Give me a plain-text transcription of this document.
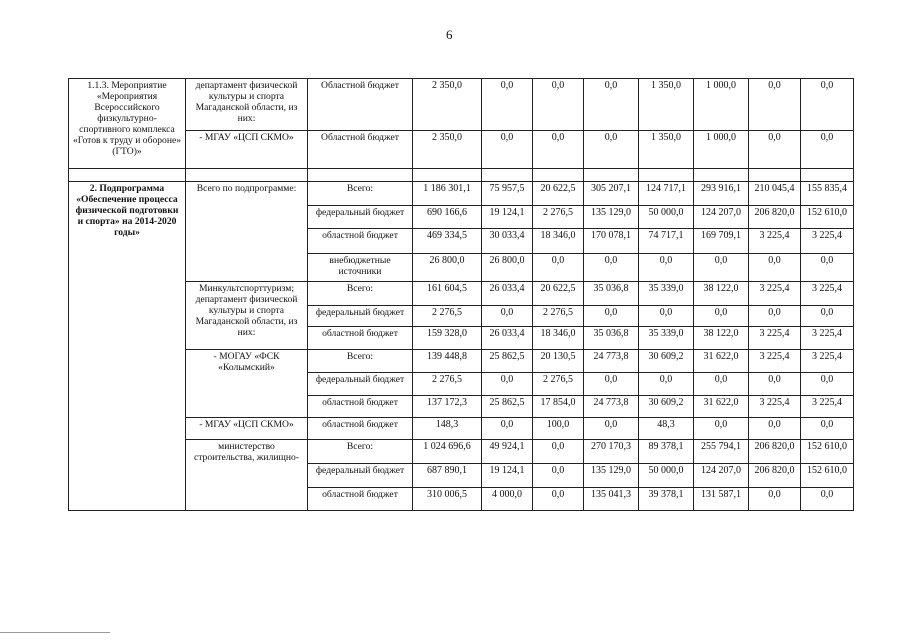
6
1.1.3. Мероприятие «Мероприятия Всероссийского физкультурно-спортивного комплекса «Готов к труду и обороне» (ГТО)»	департамент физической культуры и спорта Магаданской области, из них:	Областной бюджет	2 350,0	0,0	0,0	0,0	1 350,0	1 000,0	0,0	0,0
	- МГАУ «ЦСП СКМО»	Областной бюджет	2 350,0	0,0	0,0	0,0	1 350,0	1 000,0	0,0	0,0

2. Подпрограмма «Обеспечение процесса физической подготовки и спорта» на 2014-2020 годы»	Всего по подпрограмме:	Всего:	1 186 301,1	75 957,5	20 622,5	305 207,1	124 717,1	293 916,1	210 045,4	155 835,4
		федеральный бюджет	690 166,6	19 124,1	2 276,5	135 129,0	50 000,0	124 207,0	206 820,0	152 610,0
		областной бюджет	469 334,5	30 033,4	18 346,0	170 078,1	74 717,1	169 709,1	3 225,4	3 225,4
		внебюджетные источники	26 800,0	26 800,0	0,0	0,0	0,0	0,0	0,0	0,0
	Минкультспорттуризм; департамент физической культуры и спорта Магаданской области, из них:	Всего:	161 604,5	26 033,4	20 622,5	35 036,8	35 339,0	38 122,0	3 225,4	3 225,4
		федеральный бюджет	2 276,5	0,0	2 276,5	0,0	0,0	0,0	0,0	0,0
		областной бюджет	159 328,0	26 033,4	18 346,0	35 036,8	35 339,0	38 122,0	3 225,4	3 225,4
	- МОГАУ «ФСК «Колымский»	Всего:	139 448,8	25 862,5	20 130,5	24 773,8	30 609,2	31 622,0	3 225,4	3 225,4
		федеральный бюджет	2 276,5	0,0	2 276,5	0,0	0,0	0,0	0,0	0,0
		областной бюджет	137 172,3	25 862,5	17 854,0	24 773,8	30 609,2	31 622,0	3 225,4	3 225,4
	- МГАУ «ЦСП СКМО»	областной бюджет	148,3	0,0	100,0	0,0	48,3	0,0	0,0	0,0
	министерство строительства, жилищно-	Всего:	1 024 696,6	49 924,1	0,0	270 170,3	89 378,1	255 794,1	206 820,0	152 610,0
		федеральный бюджет	687 890,1	19 124,1	0,0	135 129,0	50 000,0	124 207,0	206 820,0	152 610,0
		областной бюджет	310 006,5	4 000,0	0,0	135 041,3	39 378,1	131 587,1	0,0	0,0
